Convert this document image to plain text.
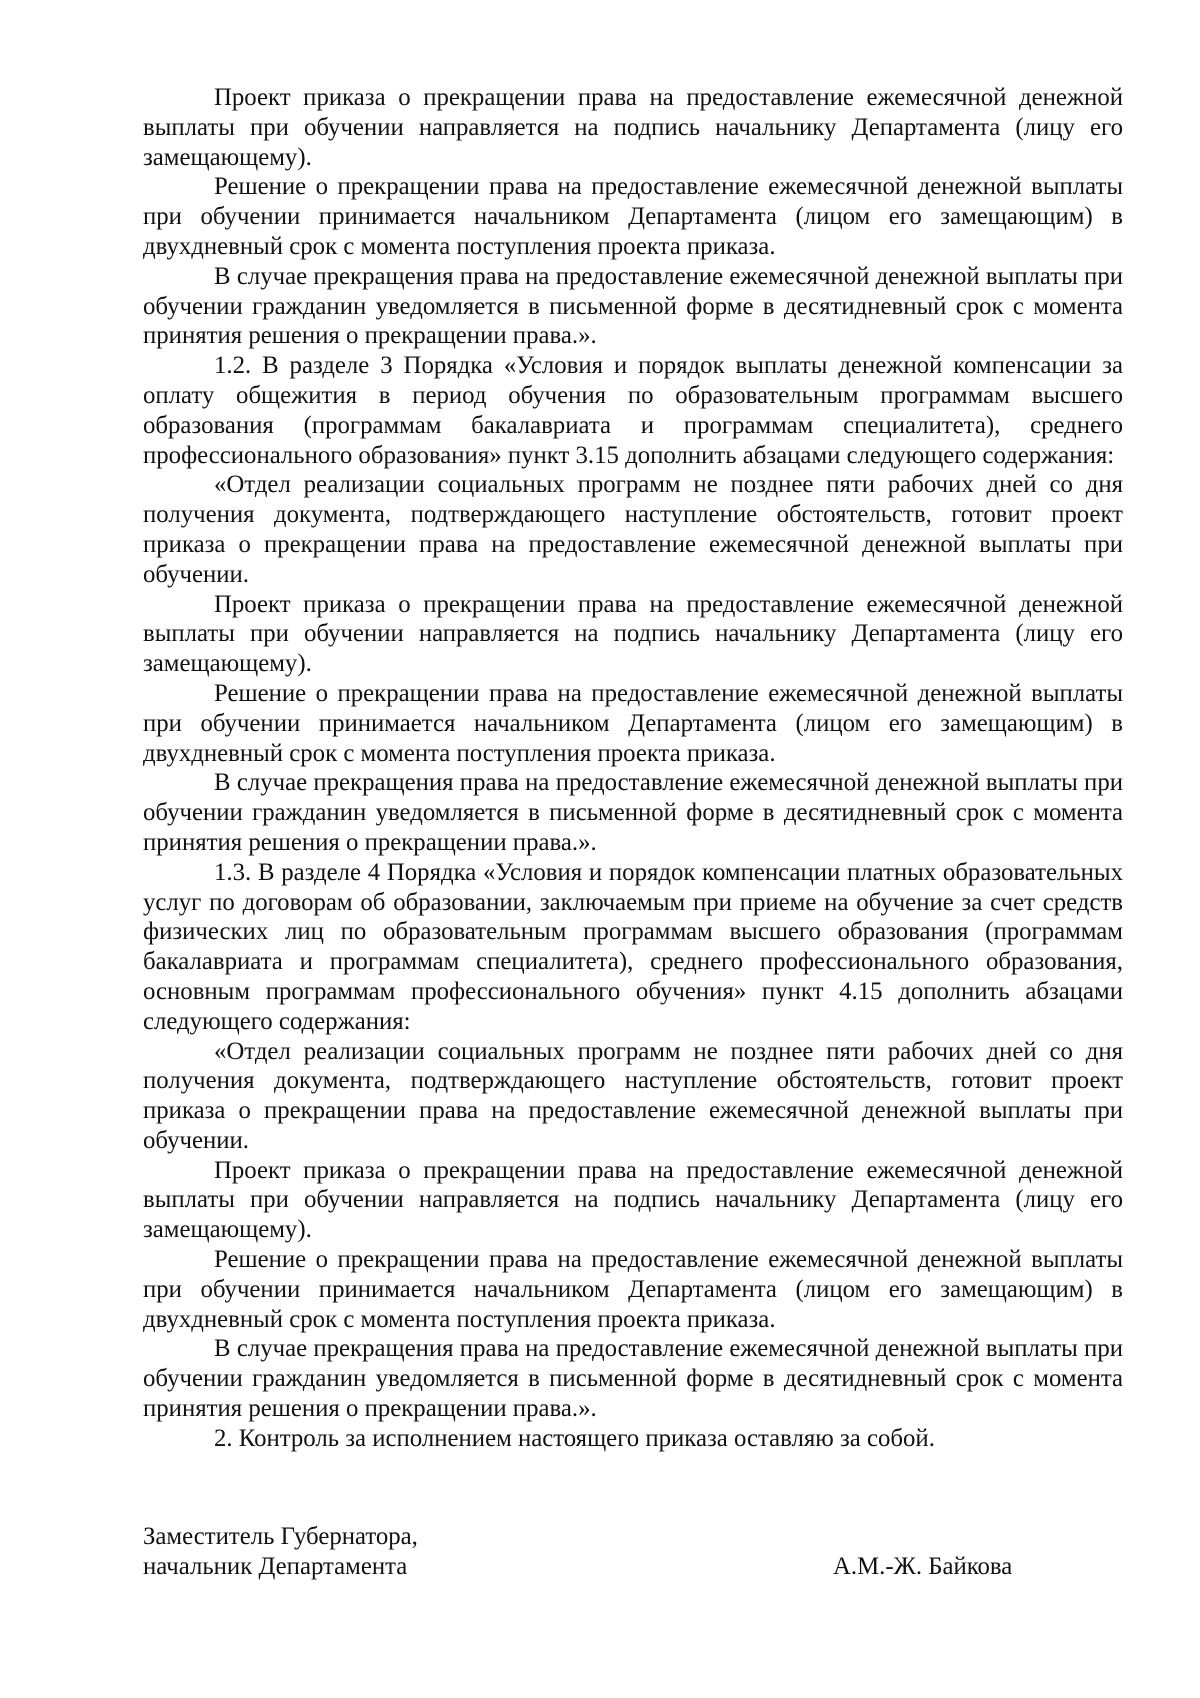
Проект приказа о прекращении права на предоставление ежемесячной денежной выплаты при обучении направляется на подпись начальнику Департамента (лицу его замещающему).

Решение о прекращении права на предоставление ежемесячной денежной выплаты при обучении принимается начальником Департамента (лицом его замещающим) в двухдневный срок с момента поступления проекта приказа.

В случае прекращения права на предоставление ежемесячной денежной выплаты при обучении гражданин уведомляется в письменной форме в десятидневный срок с момента принятия решения о прекращении права.».

1.2. В разделе 3 Порядка «Условия и порядок выплаты денежной компенсации за оплату общежития в период обучения по образовательным программам высшего образования (программам бакалавриата и программам специалитета), среднего профессионального образования» пункт 3.15 дополнить абзацами следующего содержания:

«Отдел реализации социальных программ не позднее пяти рабочих дней со дня получения документа, подтверждающего наступление обстоятельств, готовит проект приказа о прекращении права на предоставление ежемесячной денежной выплаты при обучении.

Проект приказа о прекращении права на предоставление ежемесячной денежной выплаты при обучении направляется на подпись начальнику Департамента (лицу его замещающему).

Решение о прекращении права на предоставление ежемесячной денежной выплаты при обучении принимается начальником Департамента (лицом его замещающим) в двухдневный срок с момента поступления проекта приказа.

В случае прекращения права на предоставление ежемесячной денежной выплаты при обучении гражданин уведомляется в письменной форме в десятидневный срок с момента принятия решения о прекращении права.».

1.3. В разделе 4 Порядка «Условия и порядок компенсации платных образовательных услуг по договорам об образовании, заключаемым при приеме на обучение за счет средств физических лиц по образовательным программам высшего образования (программам бакалавриата и программам специалитета), среднего профессионального образования, основным программам профессионального обучения» пункт 4.15 дополнить абзацами следующего содержания:

«Отдел реализации социальных программ не позднее пяти рабочих дней со дня получения документа, подтверждающего наступление обстоятельств, готовит проект приказа о прекращении права на предоставление ежемесячной денежной выплаты при обучении.

Проект приказа о прекращении права на предоставление ежемесячной денежной выплаты при обучении направляется на подпись начальнику Департамента (лицу его замещающему).

Решение о прекращении права на предоставление ежемесячной денежной выплаты при обучении принимается начальником Департамента (лицом его замещающим) в двухдневный срок с момента поступления проекта приказа.

В случае прекращения права на предоставление ежемесячной денежной выплаты при обучении гражданин уведомляется в письменной форме в десятидневный срок с момента принятия решения о прекращении права.».

2. Контроль за исполнением настоящего приказа оставляю за собой.

Заместитель Губернатора,
начальник Департамента	А.М.-Ж. Байкова
